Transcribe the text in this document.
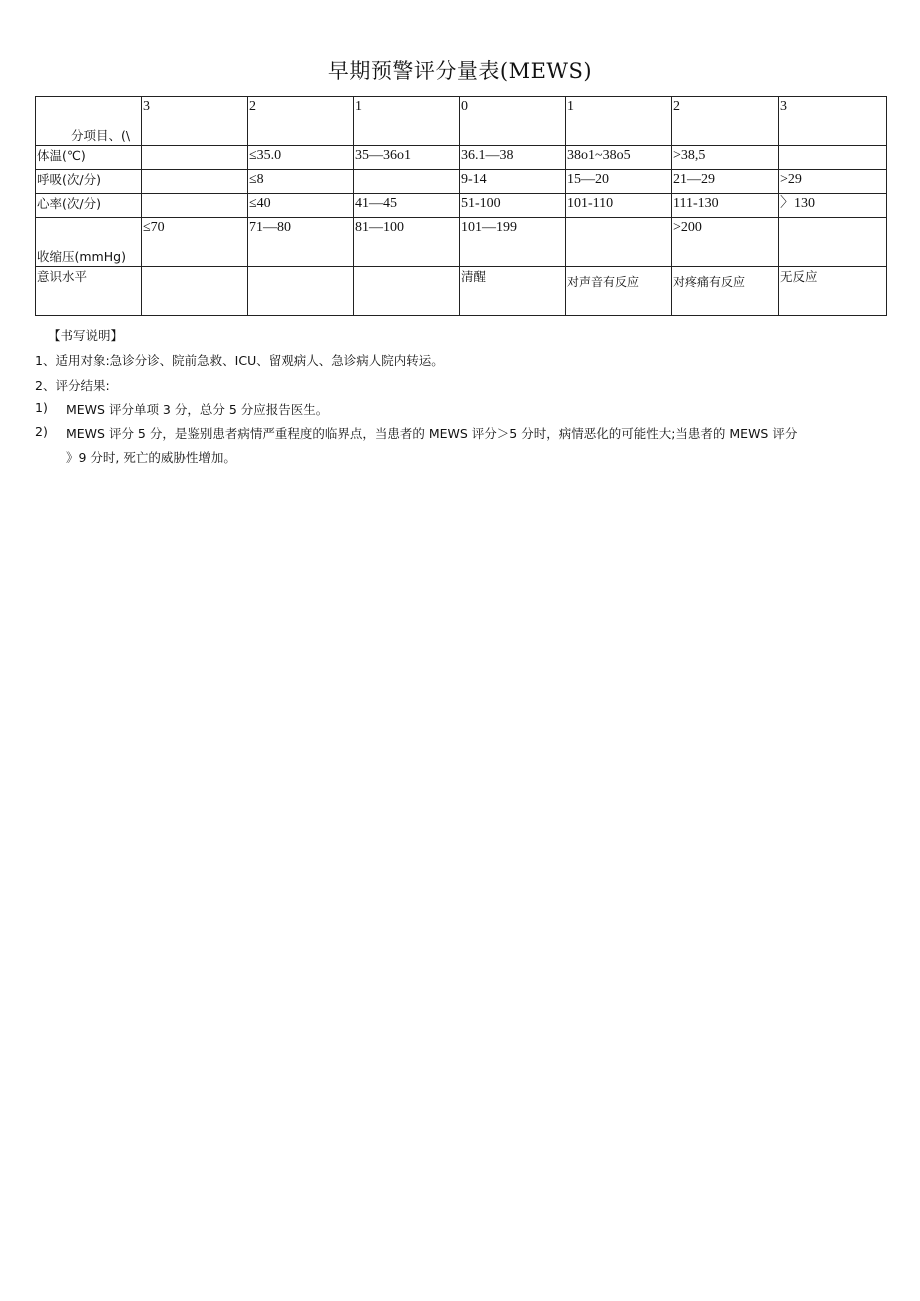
早期预警评分量表(MEWS)
分项目、(\	3	2	1	0	1	2	3
体温(℃)		≤35.0	35—36o1	36.1—38	38o1~38o5	>38,5	
呼吸(次/分)		≤8		9-14	15—20	21—29	>29
心率(次/分)		≤40	41—45	51-100	101-110	111-130	〉130

收缩压(mmHg)	≤70	71—80	81—100	101—199		>200	
意识水平				清醒	对声音有反应	对疼痛有反应	无反应
【书写说明】
1、适用对象:急诊分诊、院前急救、ICU、留观病人、急诊病人院内转运。
2、评分结果:
1) MEWS 评分单项 3 分，总分 5 分应报告医生。
2) MEWS 评分 5 分，是鉴别患者病情严重程度的临界点，当患者的 MEWS 评分＞5 分时，病情恶化的可能性大;当患者的 MEWS 评分
》9 分时, 死亡的威胁性增加。
